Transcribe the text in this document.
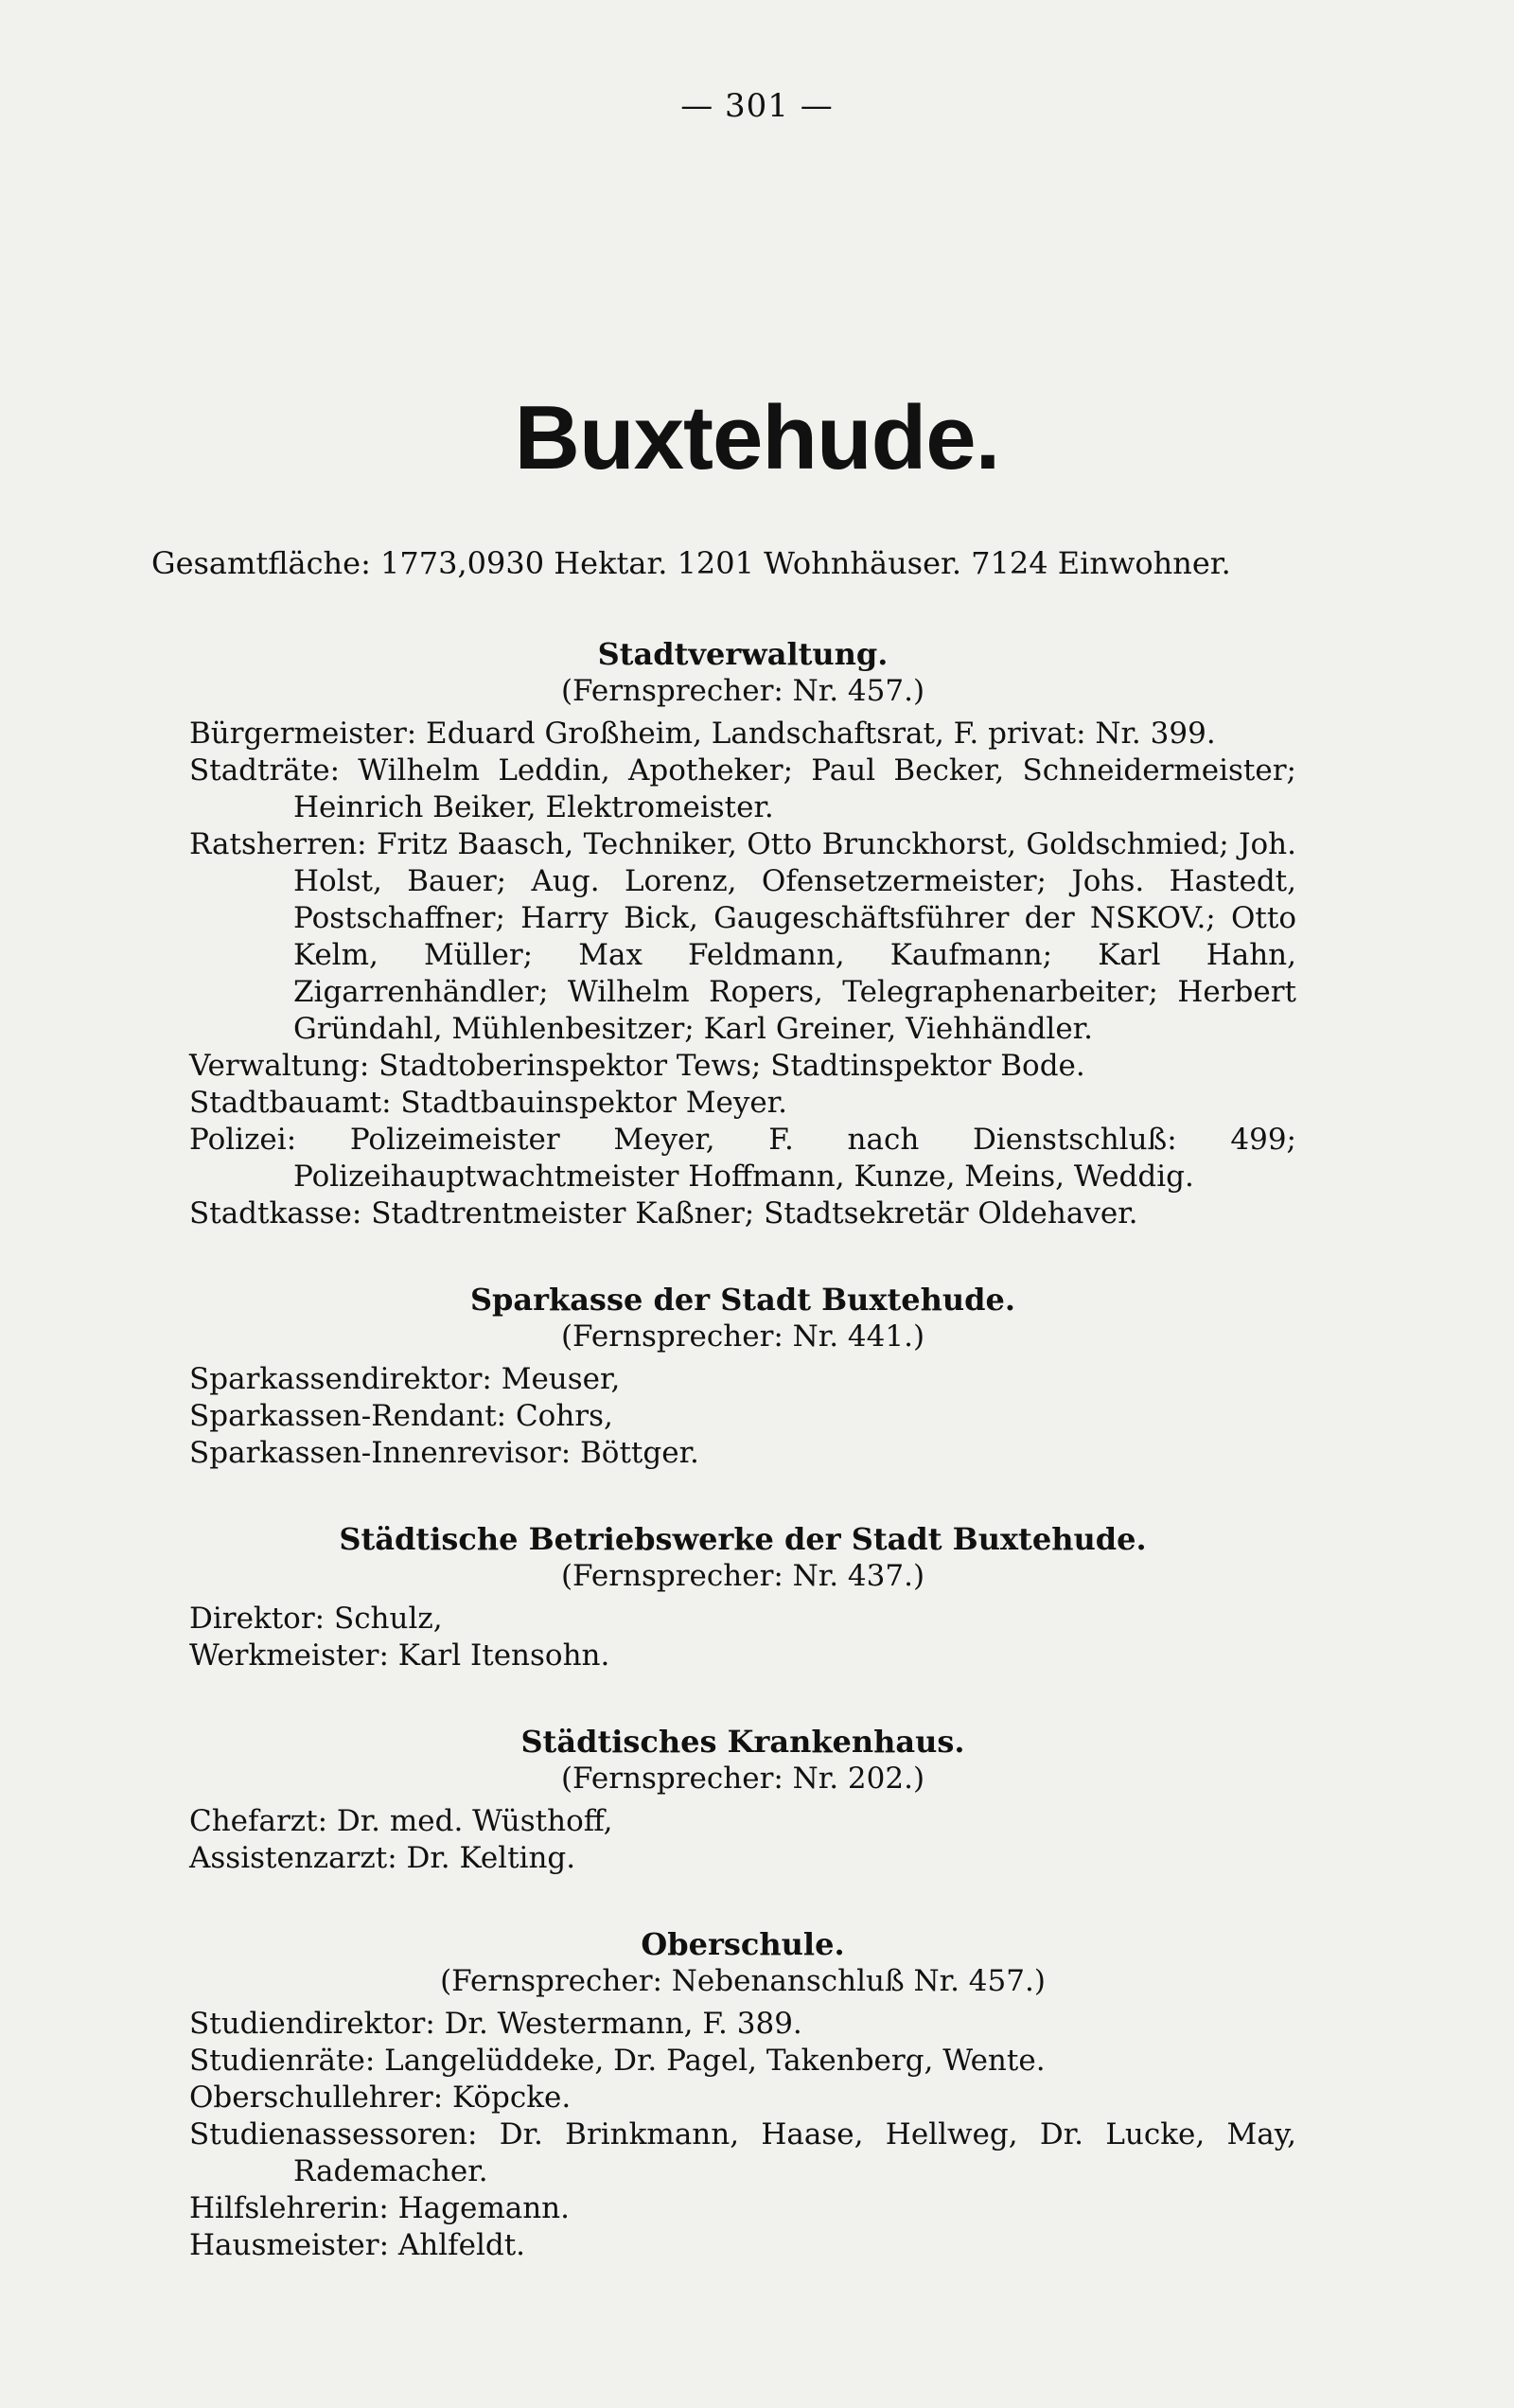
— 301 —
Buxtehude.
Gesamtfläche: 1773,0930 Hektar. 1201 Wohnhäuser. 7124 Einwohner.
Stadtverwaltung.
(Fernsprecher: Nr. 457.)
Bürgermeister: Eduard Großheim, Landschaftsrat, F. privat: Nr. 399.
Stadträte: Wilhelm Leddin, Apotheker; Paul Becker, Schneidermeister; Heinrich Beiker, Elektromeister.
Ratsherren: Fritz Baasch, Techniker, Otto Brunckhorst, Goldschmied; Joh. Holst, Bauer; Aug. Lorenz, Ofensetzermeister; Johs. Hastedt, Postschaffner; Harry Bick, Gaugeschäftsführer der NSKOV.; Otto Kelm, Müller; Max Feldmann, Kaufmann; Karl Hahn, Zigarrenhändler; Wilhelm Ropers, Telegraphenarbeiter; Herbert Gründahl, Mühlenbesitzer; Karl Greiner, Viehhändler.
Verwaltung: Stadtoberinspektor Tews; Stadtinspektor Bode.
Stadtbauamt: Stadtbauinspektor Meyer.
Polizei: Polizeimeister Meyer, F. nach Dienstschluß: 499; Polizeihauptwachtmeister Hoffmann, Kunze, Meins, Weddig.
Stadtkasse: Stadtrentmeister Kaßner; Stadtsekretär Oldehaver.
Sparkasse der Stadt Buxtehude.
(Fernsprecher: Nr. 441.)
Sparkassendirektor: Meuser,
Sparkassen-Rendant: Cohrs,
Sparkassen-Innenrevisor: Böttger.
Städtische Betriebswerke der Stadt Buxtehude.
(Fernsprecher: Nr. 437.)
Direktor: Schulz,
Werkmeister: Karl Itensohn.
Städtisches Krankenhaus.
(Fernsprecher: Nr. 202.)
Chefarzt: Dr. med. Wüsthoff,
Assistenzarzt: Dr. Kelting.
Oberschule.
(Fernsprecher: Nebenanschluß Nr. 457.)
Studiendirektor: Dr. Westermann, F. 389.
Studienräte: Langelüddeke, Dr. Pagel, Takenberg, Wente.
Oberschullehrer: Köpcke.
Studienassessoren: Dr. Brinkmann, Haase, Hellweg, Dr. Lucke, May, Rademacher.
Hilfslehrerin: Hagemann.
Hausmeister: Ahlfeldt.
